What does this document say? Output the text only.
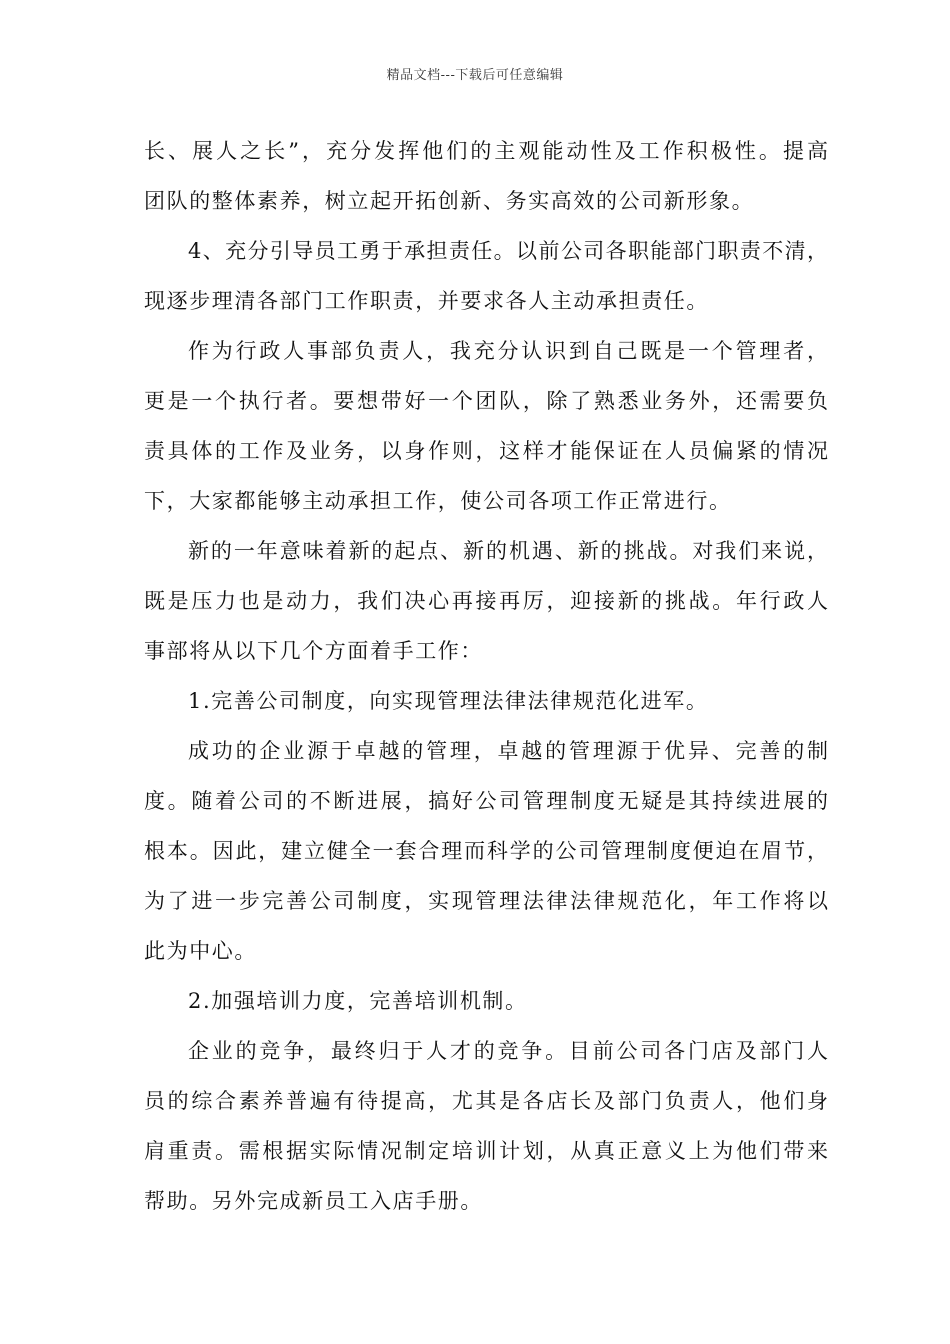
精品文档---下载后可任意编辑
长、展人之长”，充分发挥他们的主观能动性及工作积极性。提高
团队的整体素养，树立起开拓创新、务实高效的公司新形象。
4、充分引导员工勇于承担责任。以前公司各职能部门职责不清，
现逐步理清各部门工作职责，并要求各人主动承担责任。
作为行政人事部负责人，我充分认识到自己既是一个管理者，
更是一个执行者。要想带好一个团队，除了熟悉业务外，还需要负
责具体的工作及业务，以身作则，这样才能保证在人员偏紧的情况
下，大家都能够主动承担工作，使公司各项工作正常进行。
新的一年意味着新的起点、新的机遇、新的挑战。对我们来说，
既是压力也是动力，我们决心再接再厉，迎接新的挑战。年行政人
事部将从以下几个方面着手工作：
1.完善公司制度，向实现管理法律法律规范化进军。
成功的企业源于卓越的管理，卓越的管理源于优异、完善的制
度。随着公司的不断进展，搞好公司管理制度无疑是其持续进展的
根本。因此，建立健全一套合理而科学的公司管理制度便迫在眉节，
为了进一步完善公司制度，实现管理法律法律规范化，年工作将以
此为中心。
2.加强培训力度，完善培训机制。
企业的竞争，最终归于人才的竞争。目前公司各门店及部门人
员的综合素养普遍有待提高，尤其是各店长及部门负责人，他们身
肩重责。需根据实际情况制定培训计划，从真正意义上为他们带来
帮助。另外完成新员工入店手册。
